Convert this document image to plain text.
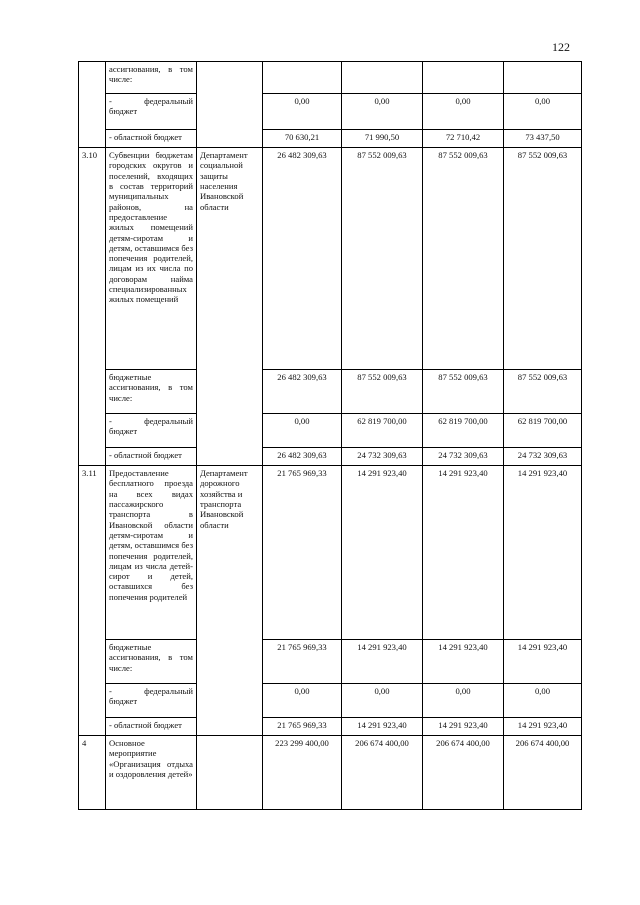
122
	ассигнования, в том числе:					
	- федеральный бюджет		0,00	0,00	0,00	0,00
	- областной бюджет		70 630,21	71 990,50	72 710,42	73 437,50
3.10	Субвенции бюджетам городских округов и поселений, входящих в состав территорий муниципальных районов, на предоставление жилых помещений детям-сиротам и детям, оставшимся без попечения родителей, лицам из их числа по договорам найма специализированных жилых помещений	Департамент социальной защиты населения Ивановской области	26 482 309,63	87 552 009,63	87 552 009,63	87 552 009,63
	бюджетные ассигнования, в том числе:		26 482 309,63	87 552 009,63	87 552 009,63	87 552 009,63
	- федеральный бюджет		0,00	62 819 700,00	62 819 700,00	62 819 700,00
	- областной бюджет		26 482 309,63	24 732 309,63	24 732 309,63	24 732 309,63
3.11	Предоставление бесплатного проезда на всех видах пассажирского транспорта в Ивановской области детям-сиротам и детям, оставшимся без попечения родителей, лицам из числа детей-сирот и детей, оставшихся без попечения родителей	Департамент дорожного хозяйства и транспорта Ивановской области	21 765 969,33	14 291 923,40	14 291 923,40	14 291 923,40
	бюджетные ассигнования, в том числе:		21 765 969,33	14 291 923,40	14 291 923,40	14 291 923,40
	- федеральный бюджет		0,00	0,00	0,00	0,00
	- областной бюджет		21 765 969,33	14 291 923,40	14 291 923,40	14 291 923,40
4	Основное мероприятие «Организация отдыха и оздоровления детей»		223 299 400,00	206 674 400,00	206 674 400,00	206 674 400,00
